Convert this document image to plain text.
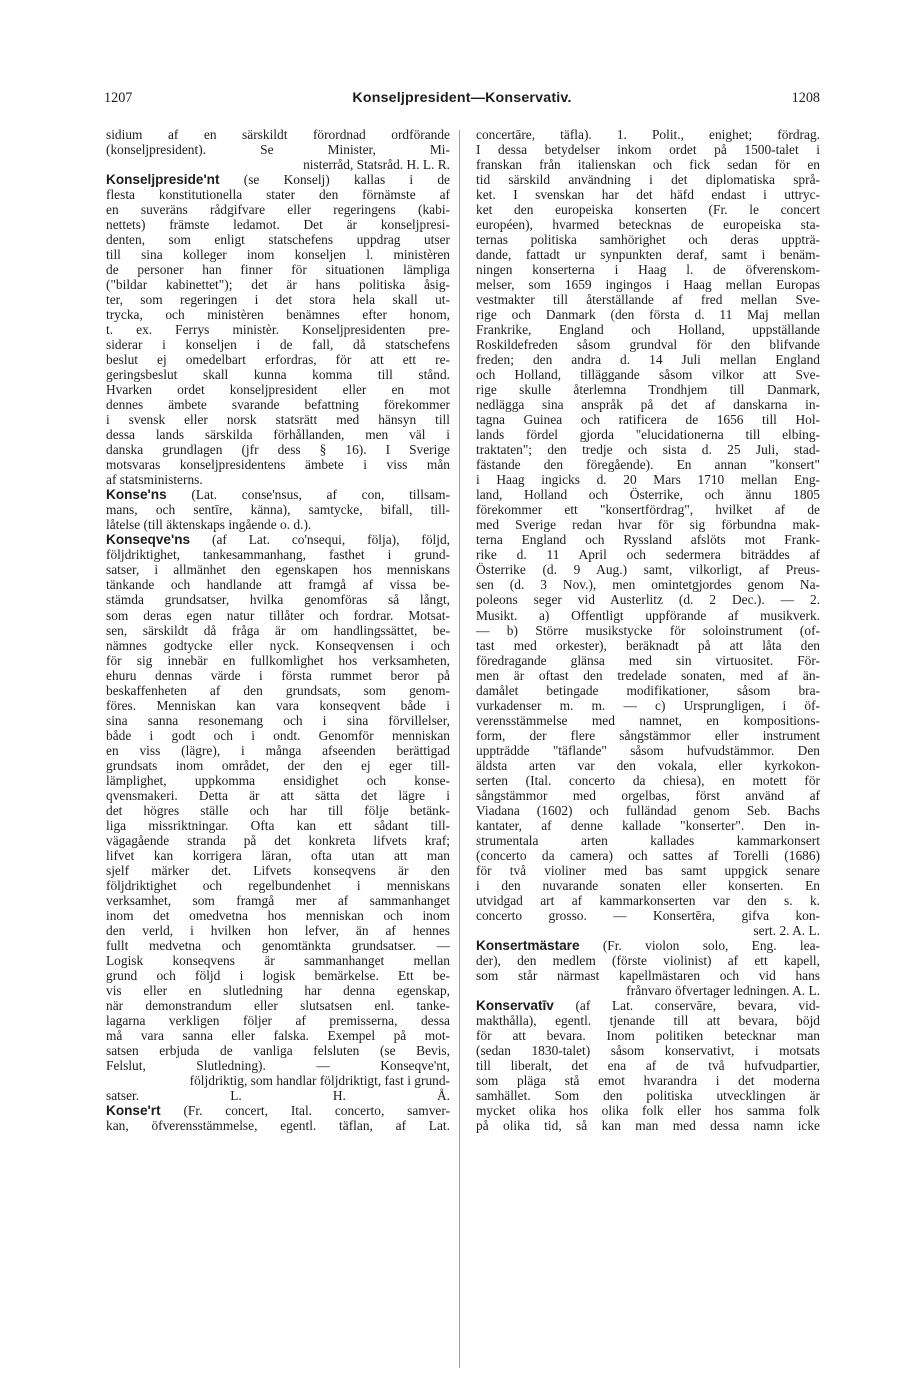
1207	Konseljpresident—Konservativ.	1208
sidium af en särskildt förordnad ordförande
(konseljpresident). Se Minister, Mi-
nisterråd, Statsråd. H. L. R.
Konseljpreside'nt (se Konselj) kallas i de
flesta konstitutionella stater den förnämste af
en suveräns rådgifvare eller regeringens (kabi-
nettets) främste ledamot. Det är konseljpresi-
denten, som enligt statschefens uppdrag utser
till sina kolleger inom konseljen l. ministèren
de personer han finner för situationen lämpliga
("bildar kabinettet"); det är hans politiska åsig-
ter, som regeringen i det stora hela skall ut-
trycka, och ministèren benämnes efter honom,
t. ex. Ferrys ministèr. Konseljpresidenten pre-
siderar i konseljen i de fall, då statschefens
beslut ej omedelbart erfordras, för att ett re-
geringsbeslut skall kunna komma till stånd.
Hvarken ordet konseljpresident eller en mot
dennes ämbete svarande befattning förekommer
i svensk eller norsk statsrätt med hänsyn till
dessa lands särskilda förhållanden, men väl i
danska grundlagen (jfr dess § 16). I Sverige
motsvaras konseljpresidentens ämbete i viss mån
af statsministerns.
Konse'ns (Lat. conse'nsus, af con, tillsam-
mans, och sentīre, känna), samtycke, bifall, till-
låtelse (till äktenskaps ingående o. d.).
Konseqve'ns (af Lat. co'nsequi, följa), följd,
följdriktighet, tankesammanhang, fasthet i grund-
satser, i allmänhet den egenskapen hos menniskans
tänkande och handlande att framgå af vissa be-
stämda grundsatser, hvilka genomföras så långt,
som deras egen natur tillåter och fordrar. Motsat-
sen, särskildt då fråga är om handlingssättet, be-
nämnes godtycke eller nyck. Konseqvensen i och
för sig innebär en fullkomlighet hos verksamheten,
ehuru dennas värde i första rummet beror på
beskaffenheten af den grundsats, som genom-
föres. Menniskan kan vara konseqvent både i
sina sanna resonemang och i sina förvillelser,
både i godt och i ondt. Genomför menniskan
en viss (lägre), i många afseenden berättigad
grundsats inom området, der den ej eger till-
lämplighet, uppkomma ensidighet och konse-
qvensmakeri. Detta är att sätta det lägre i
det högres ställe och har till följe betänk-
liga missriktningar. Ofta kan ett sådant till-
vägagående stranda på det konkreta lifvets kraf;
lifvet kan korrigera läran, ofta utan att man
sjelf märker det. Lifvets konseqvens är den
följdriktighet och regelbundenhet i menniskans
verksamhet, som framgå mer af sammanhanget
inom det omedvetna hos menniskan och inom
den verld, i hvilken hon lefver, än af hennes
fullt medvetna och genomtänkta grundsatser. —
Logisk konseqvens är sammanhanget mellan
grund och följd i logisk bemärkelse. Ett be-
vis eller en slutledning har denna egenskap,
när demonstrandum eller slutsatsen enl. tanke-
lagarna verkligen följer af premisserna, dessa
må vara sanna eller falska. Exempel på mot-
satsen erbjuda de vanliga felsluten (se Bevis,
Felslut, Slutledning). — Konseqve'nt,
följdriktig, som handlar följdriktigt, fast i grund-
satser. L. H. Å.
Konse'rt (Fr. concert, Ital. concerto, samver-
kan, öfverensstämmelse, egentl. täflan, af Lat.
concertāre, täfla). 1. Polit., enighet; fördrag.
I dessa betydelser inkom ordet på 1500-talet i
franskan från italienskan och fick sedan för en
tid särskild användning i det diplomatiska språ-
ket. I svenskan har det häfd endast i uttryc-
ket den europeiska konserten (Fr. le concert
européen), hvarmed betecknas de europeiska sta-
ternas politiska samhörighet och deras uppträ-
dande, fattadt ur synpunkten deraf, samt i benäm-
ningen konserterna i Haag l. de öfverenskom-
melser, som 1659 ingingos i Haag mellan Europas
vestmakter till återställande af fred mellan Sve-
rige och Danmark (den första d. 11 Maj mellan
Frankrike, England och Holland, uppställande
Roskildefreden såsom grundval för den blifvande
freden; den andra d. 14 Juli mellan England
och Holland, tilläggande såsom vilkor att Sve-
rige skulle återlemna Trondhjem till Danmark,
nedlägga sina anspråk på det af danskarna in-
tagna Guinea och ratificera de 1656 till Hol-
lands fördel gjorda "elucidationerna till elbing-
traktaten"; den tredje och sista d. 25 Juli, stad-
fästande den föregående). En annan "konsert"
i Haag ingicks d. 20 Mars 1710 mellan Eng-
land, Holland och Österrike, och ännu 1805
förekommer ett "konsertfördrag", hvilket af de
med Sverige redan hvar för sig förbundna mak-
terna England och Ryssland afslöts mot Frank-
rike d. 11 April och sedermera biträddes af
Österrike (d. 9 Aug.) samt, vilkorligt, af Preus-
sen (d. 3 Nov.), men omintetgjordes genom Na-
poleons seger vid Austerlitz (d. 2 Dec.). — 2.
Musikt. a) Offentligt uppförande af musikverk.
— b) Större musikstycke för soloinstrument (of-
tast med orkester), beräknadt på att låta den
föredragande glänsa med sin virtuositet. För-
men är oftast den tredelade sonaten, med af än-
damålet betingade modifikationer, såsom bra-
vurkadenser m. m. — c) Ursprungligen, i öf-
verensstämmelse med namnet, en kompositions-
form, der flere sångstämmor eller instrument
uppträdde "täflande" såsom hufvudstämmor. Den
äldsta arten var den vokala, eller kyrkokon-
serten (Ital. concerto da chiesa), en motett för
sångstämmor med orgelbas, först använd af
Viadana (1602) och fulländad genom Seb. Bachs
kantater, af denne kallade "konserter". Den in-
strumentala arten kallades kammarkonsert
(concerto da camera) och sattes af Torelli (1686)
för två violiner med bas samt uppgick senare
i den nuvarande sonaten eller konserten. En
utvidgad art af kammarkonserten var den s. k.
concerto grosso. — Konsertēra, gifva kon-
sert. 2. A. L.
Konsertmästare (Fr. violon solo, Eng. lea-
der), den medlem (förste violinist) af ett kapell,
som står närmast kapellmästaren och vid hans
frånvaro öfvertager ledningen. A. L.
Konservatīv (af Lat. conservāre, bevara, vid-
makthålla), egentl. tjenande till att bevara, böjd
för att bevara. Inom politiken betecknar man
(sedan 1830-talet) såsom konservativt, i motsats
till liberalt, det ena af de två hufvudpartier,
som pläga stå emot hvarandra i det moderna
samhället. Som den politiska utvecklingen är
mycket olika hos olika folk eller hos samma folk
på olika tid, så kan man med dessa namn icke
